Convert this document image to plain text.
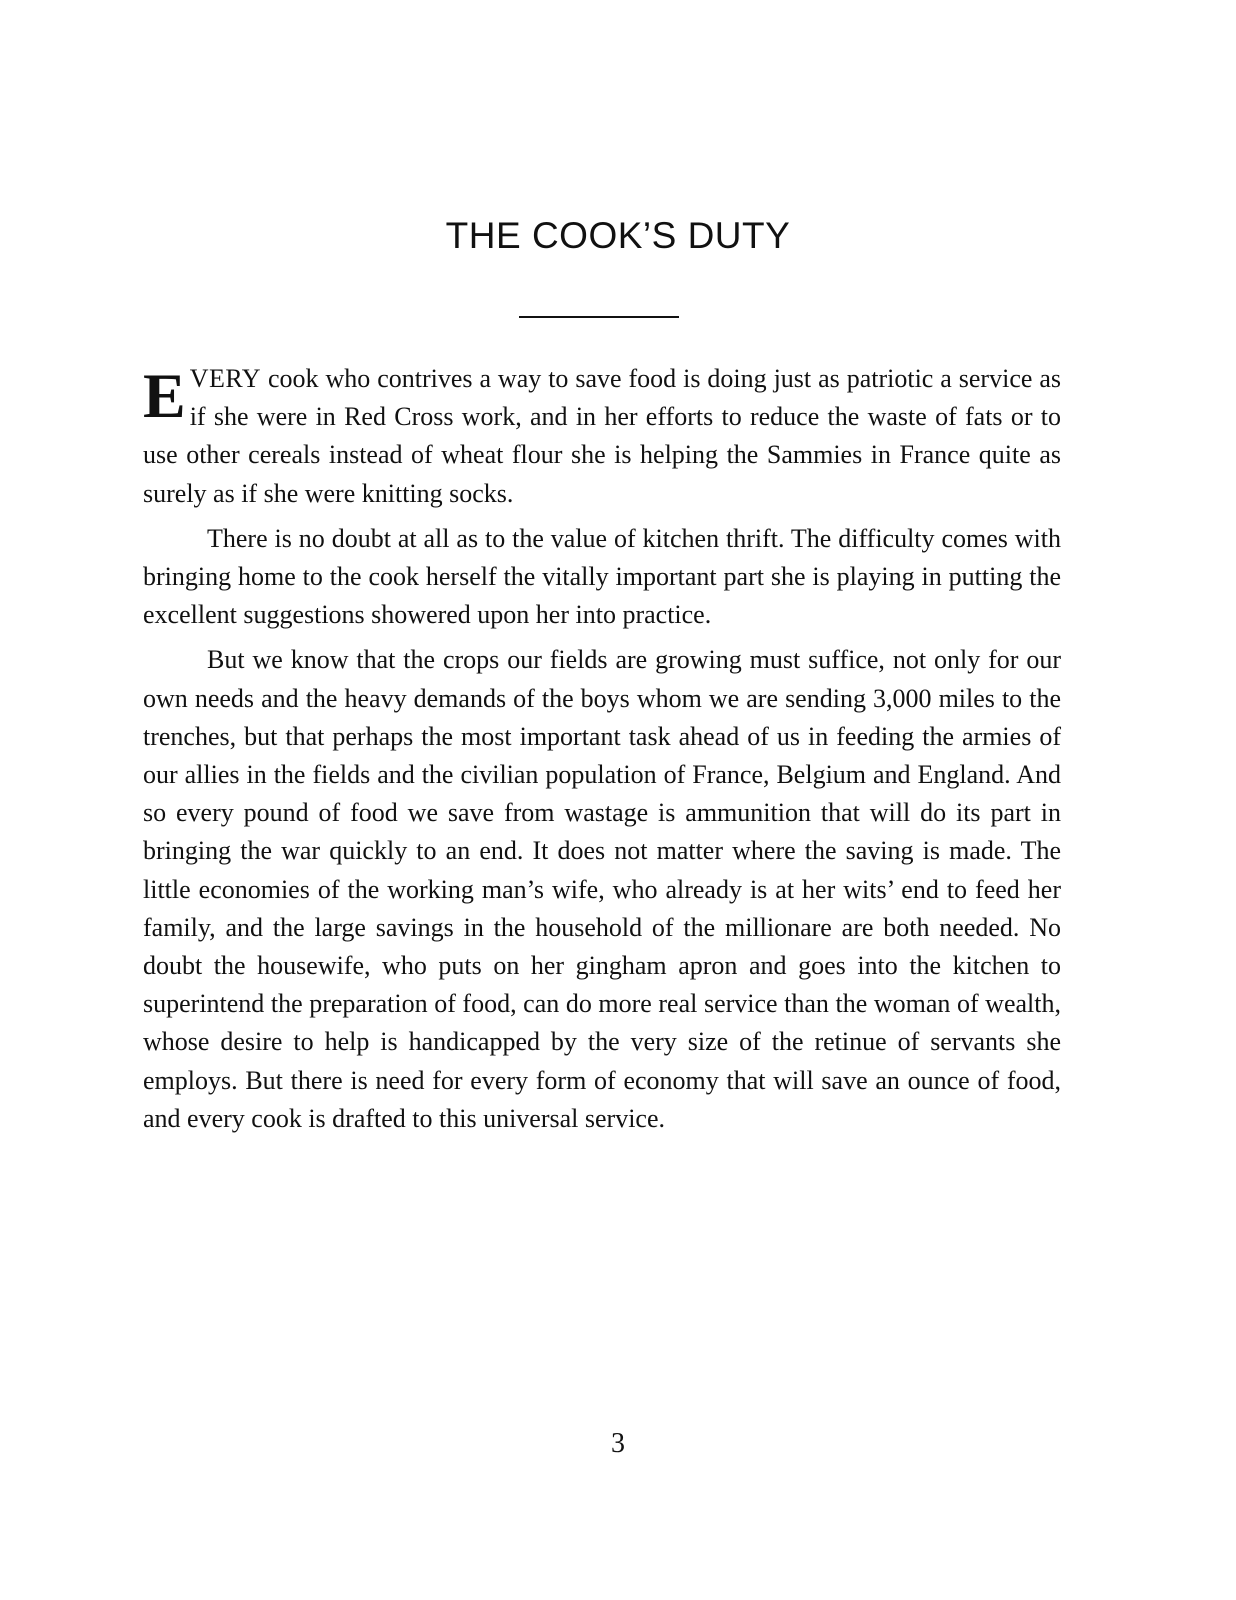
THE COOK’S DUTY

EVERY cook who contrives a way to save food is doing just as patriotic a service as if she were in Red Cross work, and in her efforts to reduce the waste of fats or to use other cereals instead of wheat flour she is helping the Sammies in France quite as surely as if she were knitting socks.

There is no doubt at all as to the value of kitchen thrift. The difficulty comes with bringing home to the cook herself the vitally important part she is playing in putting the excellent suggestions showered upon her into practice.

But we know that the crops our fields are growing must suffice, not only for our own needs and the heavy demands of the boys whom we are sending 3,000 miles to the trenches, but that perhaps the most important task ahead of us in feeding the armies of our allies in the fields and the civilian population of France, Belgium and England. And so every pound of food we save from wastage is ammunition that will do its part in bringing the war quickly to an end. It does not matter where the saving is made. The little economies of the working man’s wife, who already is at her wits’ end to feed her family, and the large savings in the household of the millionare are both needed. No doubt the housewife, who puts on her gingham apron and goes into the kitchen to superintend the preparation of food, can do more real service than the woman of wealth, whose desire to help is handicapped by the very size of the retinue of servants she employs. But there is need for every form of economy that will save an ounce of food, and every cook is drafted to this universal service.

3
